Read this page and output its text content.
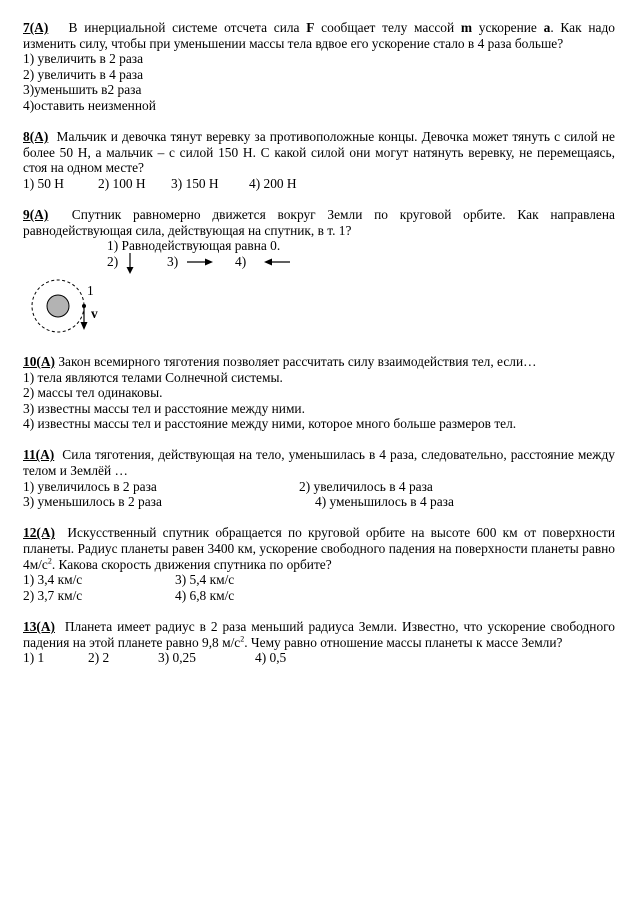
7(А) В инерциальной системе отсчета сила F сообщает телу массой m ускорение a. Как надо изменить силу, чтобы при уменьшении массы тела вдвое его ускорение стало в 4 раза больше?
1) увеличить в 2 раза
2) увеличить в 4 раза
3)уменьшить в2 раза
4)оставить неизменной
8(А) Мальчик и девочка тянут веревку за противоположные концы. Девочка может тянуть с силой не более 50 Н, а мальчик – с силой 150 Н. С какой силой они могут натянуть веревку, не перемещаясь, стоя на одном месте?
1) 50 Н	2) 100 Н	3) 150 Н	4) 200 Н
9(А) Спутник равномерно движется вокруг Земли по круговой орбите. Как направлена равнодействующая сила, действующая на спутник, в т. 1?
1) Равнодействующая равна 0.
2)	3)	4)
1
v
10(А) Закон всемирного тяготения позволяет рассчитать силу взаимодействия тел, если…
1) тела являются телами Солнечной системы.
2) массы тел одинаковы.
3) известны массы тел и расстояние между ними.
4) известны массы тел и расстояние между ними, которое много больше размеров тел.
11(А) Сила тяготения, действующая на тело, уменьшилась в 4 раза, следовательно, расстояние между телом и Землёй …
1) увеличилось в 2 раза	2) увеличилось в 4 раза
3) уменьшилось в 2 раза	4) уменьшилось в 4 раза
12(А) Искусственный спутник обращается по круговой орбите на высоте 600 км от поверхности планеты. Радиус планеты равен 3400 км, ускорение свободного падения на поверхности планеты равно $4м/с^2$. Какова скорость движения спутника по орбите?
1) 3,4 км/с	3) 5,4 км/с
2) 3,7 км/с	4) 6,8 км/с
13(А) Планета имеет радиус в 2 раза меньший радиуса Земли. Известно, что ускорение свободного падения на этой планете равно 9,8 $м/с^2$. Чему равно отношение массы планеты к массе Земли?
1) 1	2) 2	3) 0,25	4) 0,5
